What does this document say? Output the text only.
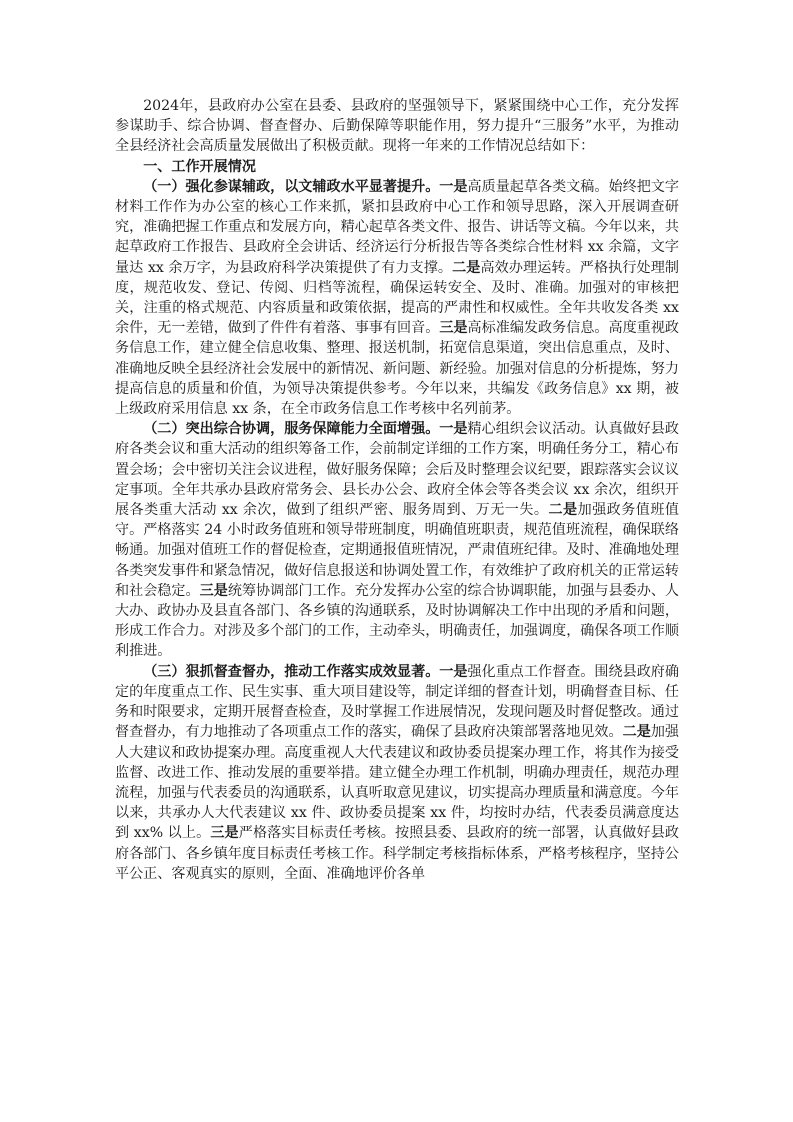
2024年，县政府办公室在县委、县政府的坚强领导下，紧紧围绕中心工作，充分发挥参谋助手、综合协调、督查督办、后勤保障等职能作用，努力提升“三服务”水平，为推动全县经济社会高质量发展做出了积极贡献。现将一年来的工作情况总结如下：

一、工作开展情况

（一）强化参谋辅政，以文辅政水平显著提升。一是高质量起草各类文稿。始终把文字材料工作作为办公室的核心工作来抓，紧扣县政府中心工作和领导思路，深入开展调查研究，准确把握工作重点和发展方向，精心起草各类文件、报告、讲话等文稿。今年以来，共起草政府工作报告、县政府全会讲话、经济运行分析报告等各类综合性材料 xx 余篇，文字量达 xx 余万字，为县政府科学决策提供了有力支撑。二是高效办理运转。严格执行处理制度，规范收发、登记、传阅、归档等流程，确保运转安全、及时、准确。加强对的审核把关，注重的格式规范、内容质量和政策依据，提高的严肃性和权威性。全年共收发各类 xx 余件，无一差错，做到了件件有着落、事事有回音。三是高标准编发政务信息。高度重视政务信息工作，建立健全信息收集、整理、报送机制，拓宽信息渠道，突出信息重点，及时、准确地反映全县经济社会发展中的新情况、新问题、新经验。加强对信息的分析提炼，努力提高信息的质量和价值，为领导决策提供参考。今年以来，共编发《政务信息》xx 期，被上级政府采用信息 xx 条，在全市政务信息工作考核中名列前茅。

（二）突出综合协调，服务保障能力全面增强。一是精心组织会议活动。认真做好县政府各类会议和重大活动的组织筹备工作，会前制定详细的工作方案，明确任务分工，精心布置会场；会中密切关注会议进程，做好服务保障；会后及时整理会议纪要，跟踪落实会议议定事项。全年共承办县政府常务会、县长办公会、政府全体会等各类会议 xx 余次，组织开展各类重大活动 xx 余次，做到了组织严密、服务周到、万无一失。二是加强政务值班值守。严格落实 24 小时政务值班和领导带班制度，明确值班职责，规范值班流程，确保联络畅通。加强对值班工作的督促检查，定期通报值班情况，严肃值班纪律。及时、准确地处理各类突发事件和紧急情况，做好信息报送和协调处置工作，有效维护了政府机关的正常运转和社会稳定。三是统筹协调部门工作。充分发挥办公室的综合协调职能，加强与县委办、人大办、政协办及县直各部门、各乡镇的沟通联系，及时协调解决工作中出现的矛盾和问题，形成工作合力。对涉及多个部门的工作，主动牵头，明确责任，加强调度，确保各项工作顺利推进。

（三）狠抓督查督办，推动工作落实成效显著。一是强化重点工作督查。围绕县政府确定的年度重点工作、民生实事、重大项目建设等，制定详细的督查计划，明确督查目标、任务和时限要求，定期开展督查检查，及时掌握工作进展情况，发现问题及时督促整改。通过督查督办，有力地推动了各项重点工作的落实，确保了县政府决策部署落地见效。二是加强人大建议和政协提案办理。高度重视人大代表建议和政协委员提案办理工作，将其作为接受监督、改进工作、推动发展的重要举措。建立健全办理工作机制，明确办理责任，规范办理流程，加强与代表委员的沟通联系，认真听取意见建议，切实提高办理质量和满意度。今年以来，共承办人大代表建议 xx 件、政协委员提案 xx 件，均按时办结，代表委员满意度达到 xx% 以上。三是严格落实目标责任考核。按照县委、县政府的统一部署，认真做好县政府各部门、各乡镇年度目标责任考核工作。科学制定考核指标体系，严格考核程序，坚持公平公正、客观真实的原则，全面、准确地评价各单
